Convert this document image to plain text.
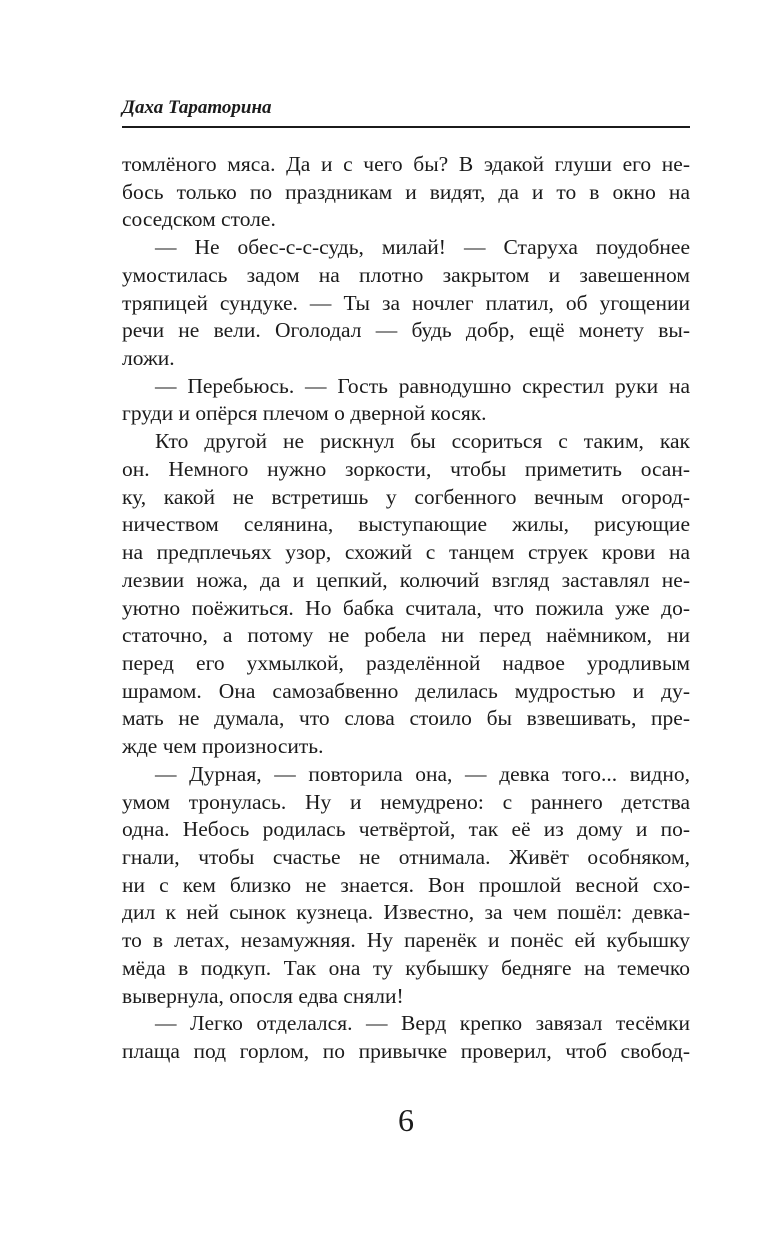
Даха Тараторина
томлёного мяса. Да и с чего бы? В эдакой глуши его не-
бось только по праздникам и видят, да и то в окно на
соседском столе.
— Не обес-с-с-судь, милай! — Старуха поудобнее
умостилась задом на плотно закрытом и завешенном
тряпицей сундуке. — Ты за ночлег платил, об угощении
речи не вели. Оголодал — будь добр, ещё монету вы-
ложи.
— Перебьюсь. — Гость равнодушно скрестил руки на
груди и опёрся плечом о дверной косяк.
Кто другой не рискнул бы ссориться с таким, как
он. Немного нужно зоркости, чтобы приметить осан-
ку, какой не встретишь у согбенного вечным огород-
ничеством селянина, выступающие жилы, рисующие
на предплечьях узор, схожий с танцем струек крови на
лезвии ножа, да и цепкий, колючий взгляд заставлял не-
уютно поёжиться. Но бабка считала, что пожила уже до-
статочно, а потому не робела ни перед наёмником, ни
перед его ухмылкой, разделённой надвое уродливым
шрамом. Она самозабвенно делилась мудростью и ду-
мать не думала, что слова стоило бы взвешивать, пре-
жде чем произносить.
— Дурная, — повторила она, — девка того... видно,
умом тронулась. Ну и немудрено: с раннего детства
одна. Небось родилась четвёртой, так её из дому и по-
гнали, чтобы счастье не отнимала. Живёт особняком,
ни с кем близко не знается. Вон прошлой весной схо-
дил к ней сынок кузнеца. Известно, за чем пошёл: девка-
то в летах, незамужняя. Ну паренёк и понёс ей кубышку
мёда в подкуп. Так она ту кубышку бедняге на темечко
вывернула, опосля едва сняли!
— Легко отделался. — Верд крепко завязал тесёмки
плаща под горлом, по привычке проверил, чтоб свобод-
6
